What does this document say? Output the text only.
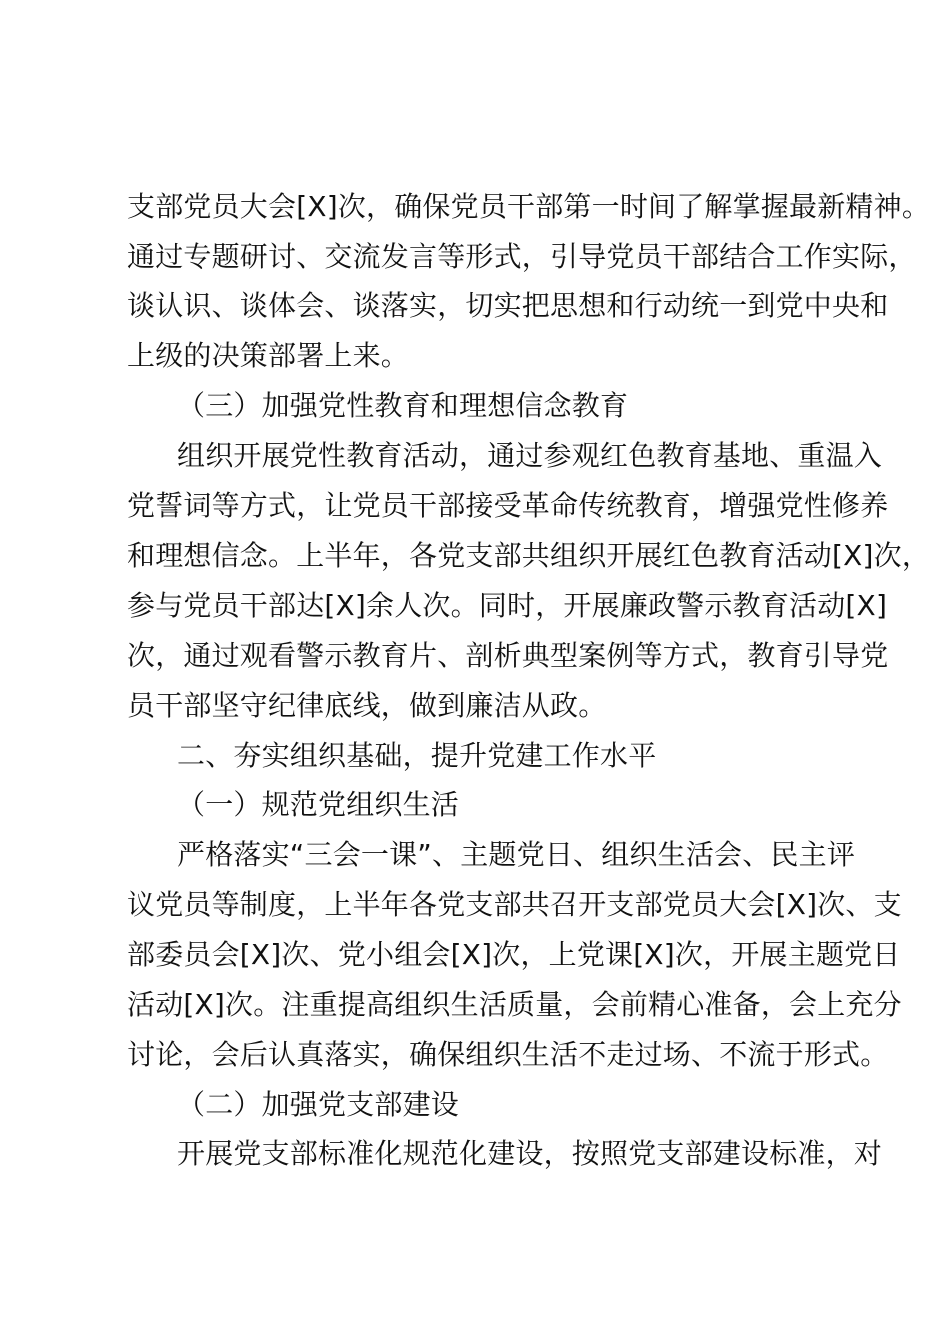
支部党员大会[X]次，确保党员干部第一时间了解掌握最新精神。
通过专题研讨、交流发言等形式，引导党员干部结合工作实际，
谈认识、谈体会、谈落实，切实把思想和行动统一到党中央和
上级的决策部署上来。
（三）加强党性教育和理想信念教育
组织开展党性教育活动，通过参观红色教育基地、重温入
党誓词等方式，让党员干部接受革命传统教育，增强党性修养
和理想信念。上半年，各党支部共组织开展红色教育活动[X]次，
参与党员干部达[X]余人次。同时，开展廉政警示教育活动[X]
次，通过观看警示教育片、剖析典型案例等方式，教育引导党
员干部坚守纪律底线，做到廉洁从政。
二、夯实组织基础，提升党建工作水平
（一）规范党组织生活
严格落实“三会一课”、主题党日、组织生活会、民主评
议党员等制度，上半年各党支部共召开支部党员大会[X]次、支
部委员会[X]次、党小组会[X]次，上党课[X]次，开展主题党日
活动[X]次。注重提高组织生活质量，会前精心准备，会上充分
讨论，会后认真落实，确保组织生活不走过场、不流于形式。
（二）加强党支部建设
开展党支部标准化规范化建设，按照党支部建设标准，对
